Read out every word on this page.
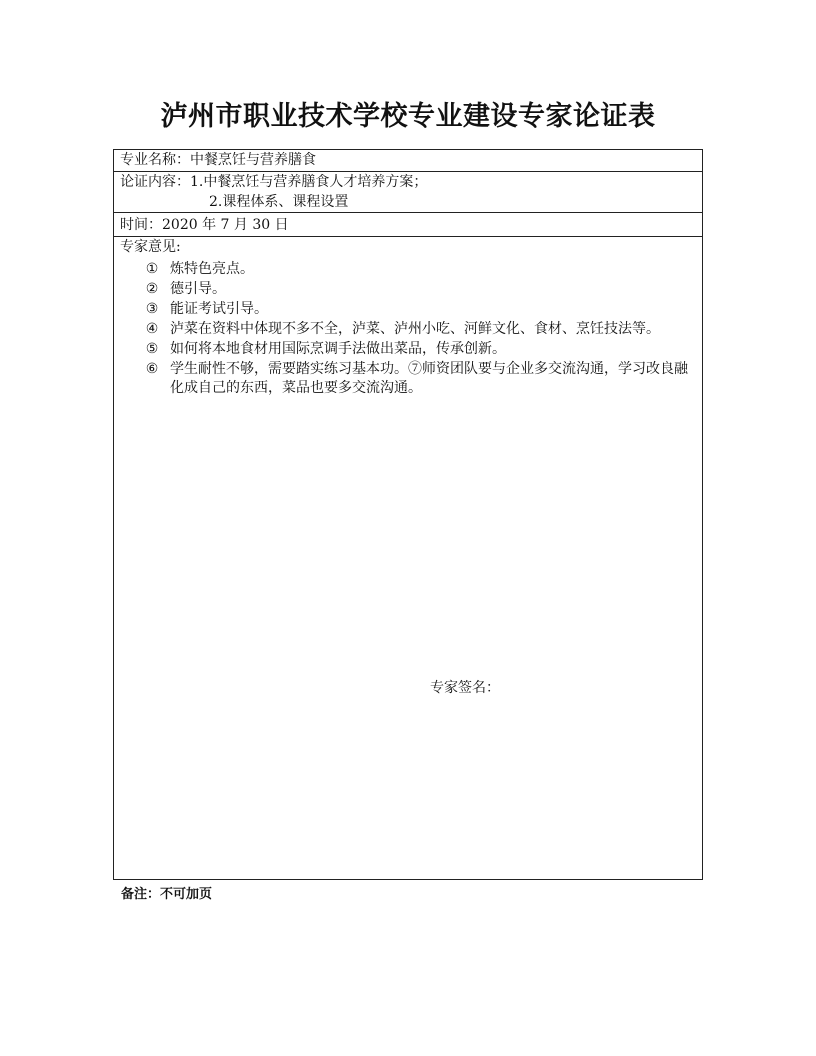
泸州市职业技术学校专业建设专家论证表
专业名称：中餐烹饪与营养膳食
论证内容：1.中餐烹饪与营养膳食人才培养方案；
2.课程体系、课程设置
时间：2020 年 7 月 30 日
专家意见:
① 炼特色亮点。
② 德引导。
③ 能证考试引导。
④ 泸菜在资料中体现不多不全，泸菜、泸州小吃、河鲜文化、食材、烹饪技法等。
⑤ 如何将本地食材用国际烹调手法做出菜品，传承创新。
⑥ 学生耐性不够，需要踏实练习基本功。⑦师资团队要与企业多交流沟通，学习改良融化成自己的东西，菜品也要多交流沟通。
专家签名：
备注：不可加页
